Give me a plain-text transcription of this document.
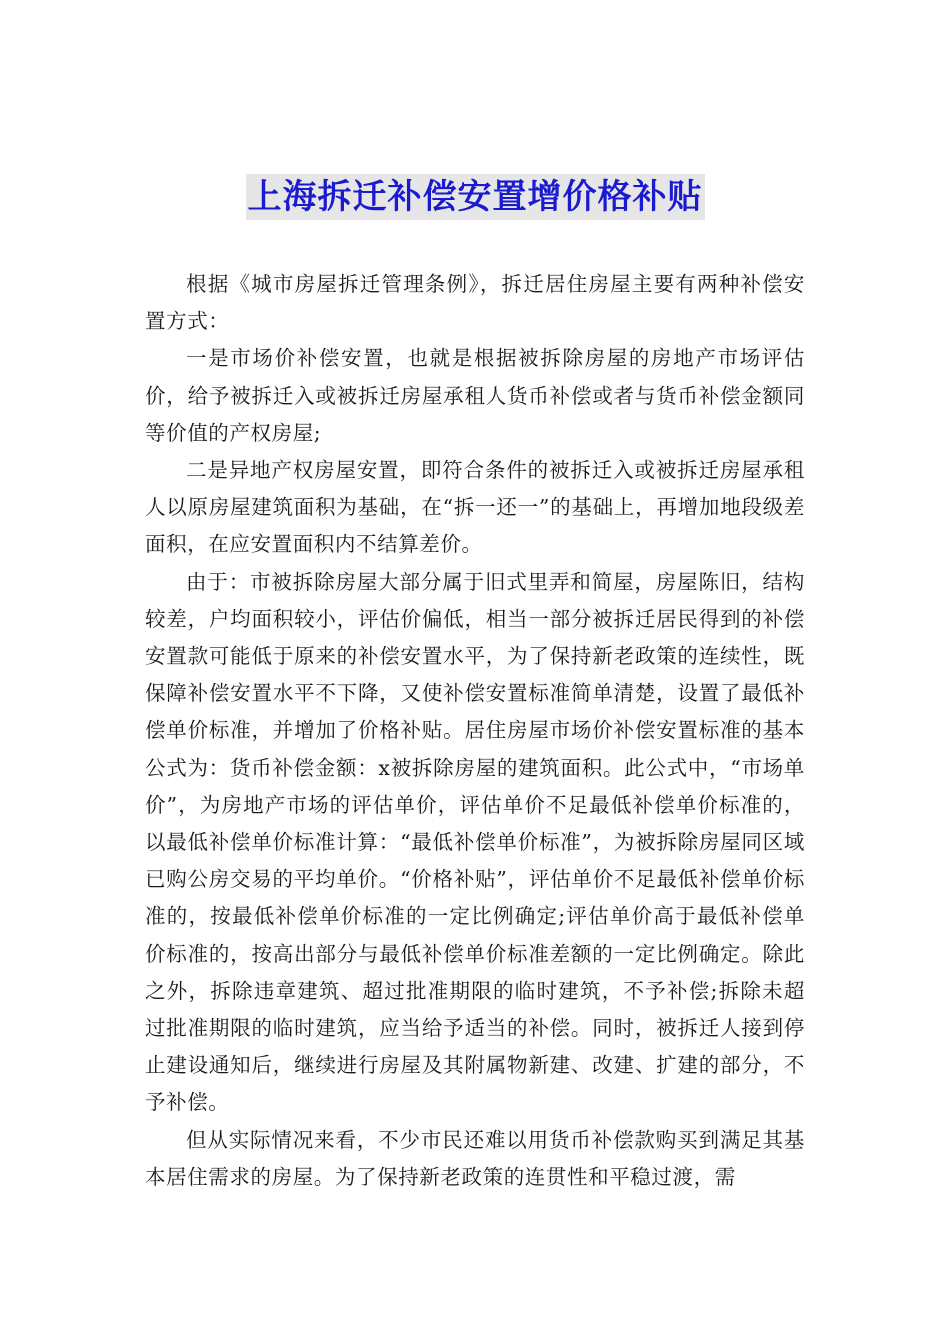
上海拆迁补偿安置增价格补贴

根据《城市房屋拆迁管理条例》，拆迁居住房屋主要有两种补偿安置方式：

一是市场价补偿安置，也就是根据被拆除房屋的房地产市场评估价，给予被拆迁入或被拆迁房屋承租人货币补偿或者与货币补偿金额同等价值的产权房屋;

二是异地产权房屋安置，即符合条件的被拆迁入或被拆迁房屋承租人以原房屋建筑面积为基础，在“拆一还一”的基础上，再增加地段级差面积，在应安置面积内不结算差价。

由于：市被拆除房屋大部分属于旧式里弄和简屋，房屋陈旧，结构较差，户均面积较小，评估价偏低，相当一部分被拆迁居民得到的补偿安置款可能低于原来的补偿安置水平，为了保持新老政策的连续性，既保障补偿安置水平不下降，又使补偿安置标准简单清楚，设置了最低补偿单价标准，并增加了价格补贴。居住房屋市场价补偿安置标准的基本公式为：货币补偿金额：x被拆除房屋的建筑面积。此公式中，“市场单价”，为房地产市场的评估单价，评估单价不足最低补偿单价标准的，以最低补偿单价标准计算：“最低补偿单价标准”，为被拆除房屋同区域已购公房交易的平均单价。“价格补贴”，评估单价不足最低补偿单价标准的，按最低补偿单价标准的一定比例确定;评估单价高于最低补偿单价标准的，按高出部分与最低补偿单价标准差额的一定比例确定。除此之外，拆除违章建筑、超过批准期限的临时建筑，不予补偿;拆除未超过批准期限的临时建筑，应当给予适当的补偿。同时，被拆迁人接到停止建设通知后，继续进行房屋及其附属物新建、改建、扩建的部分，不予补偿。

但从实际情况来看，不少市民还难以用货币补偿款购买到满足其基本居住需求的房屋。为了保持新老政策的连贯性和平稳过渡，需
